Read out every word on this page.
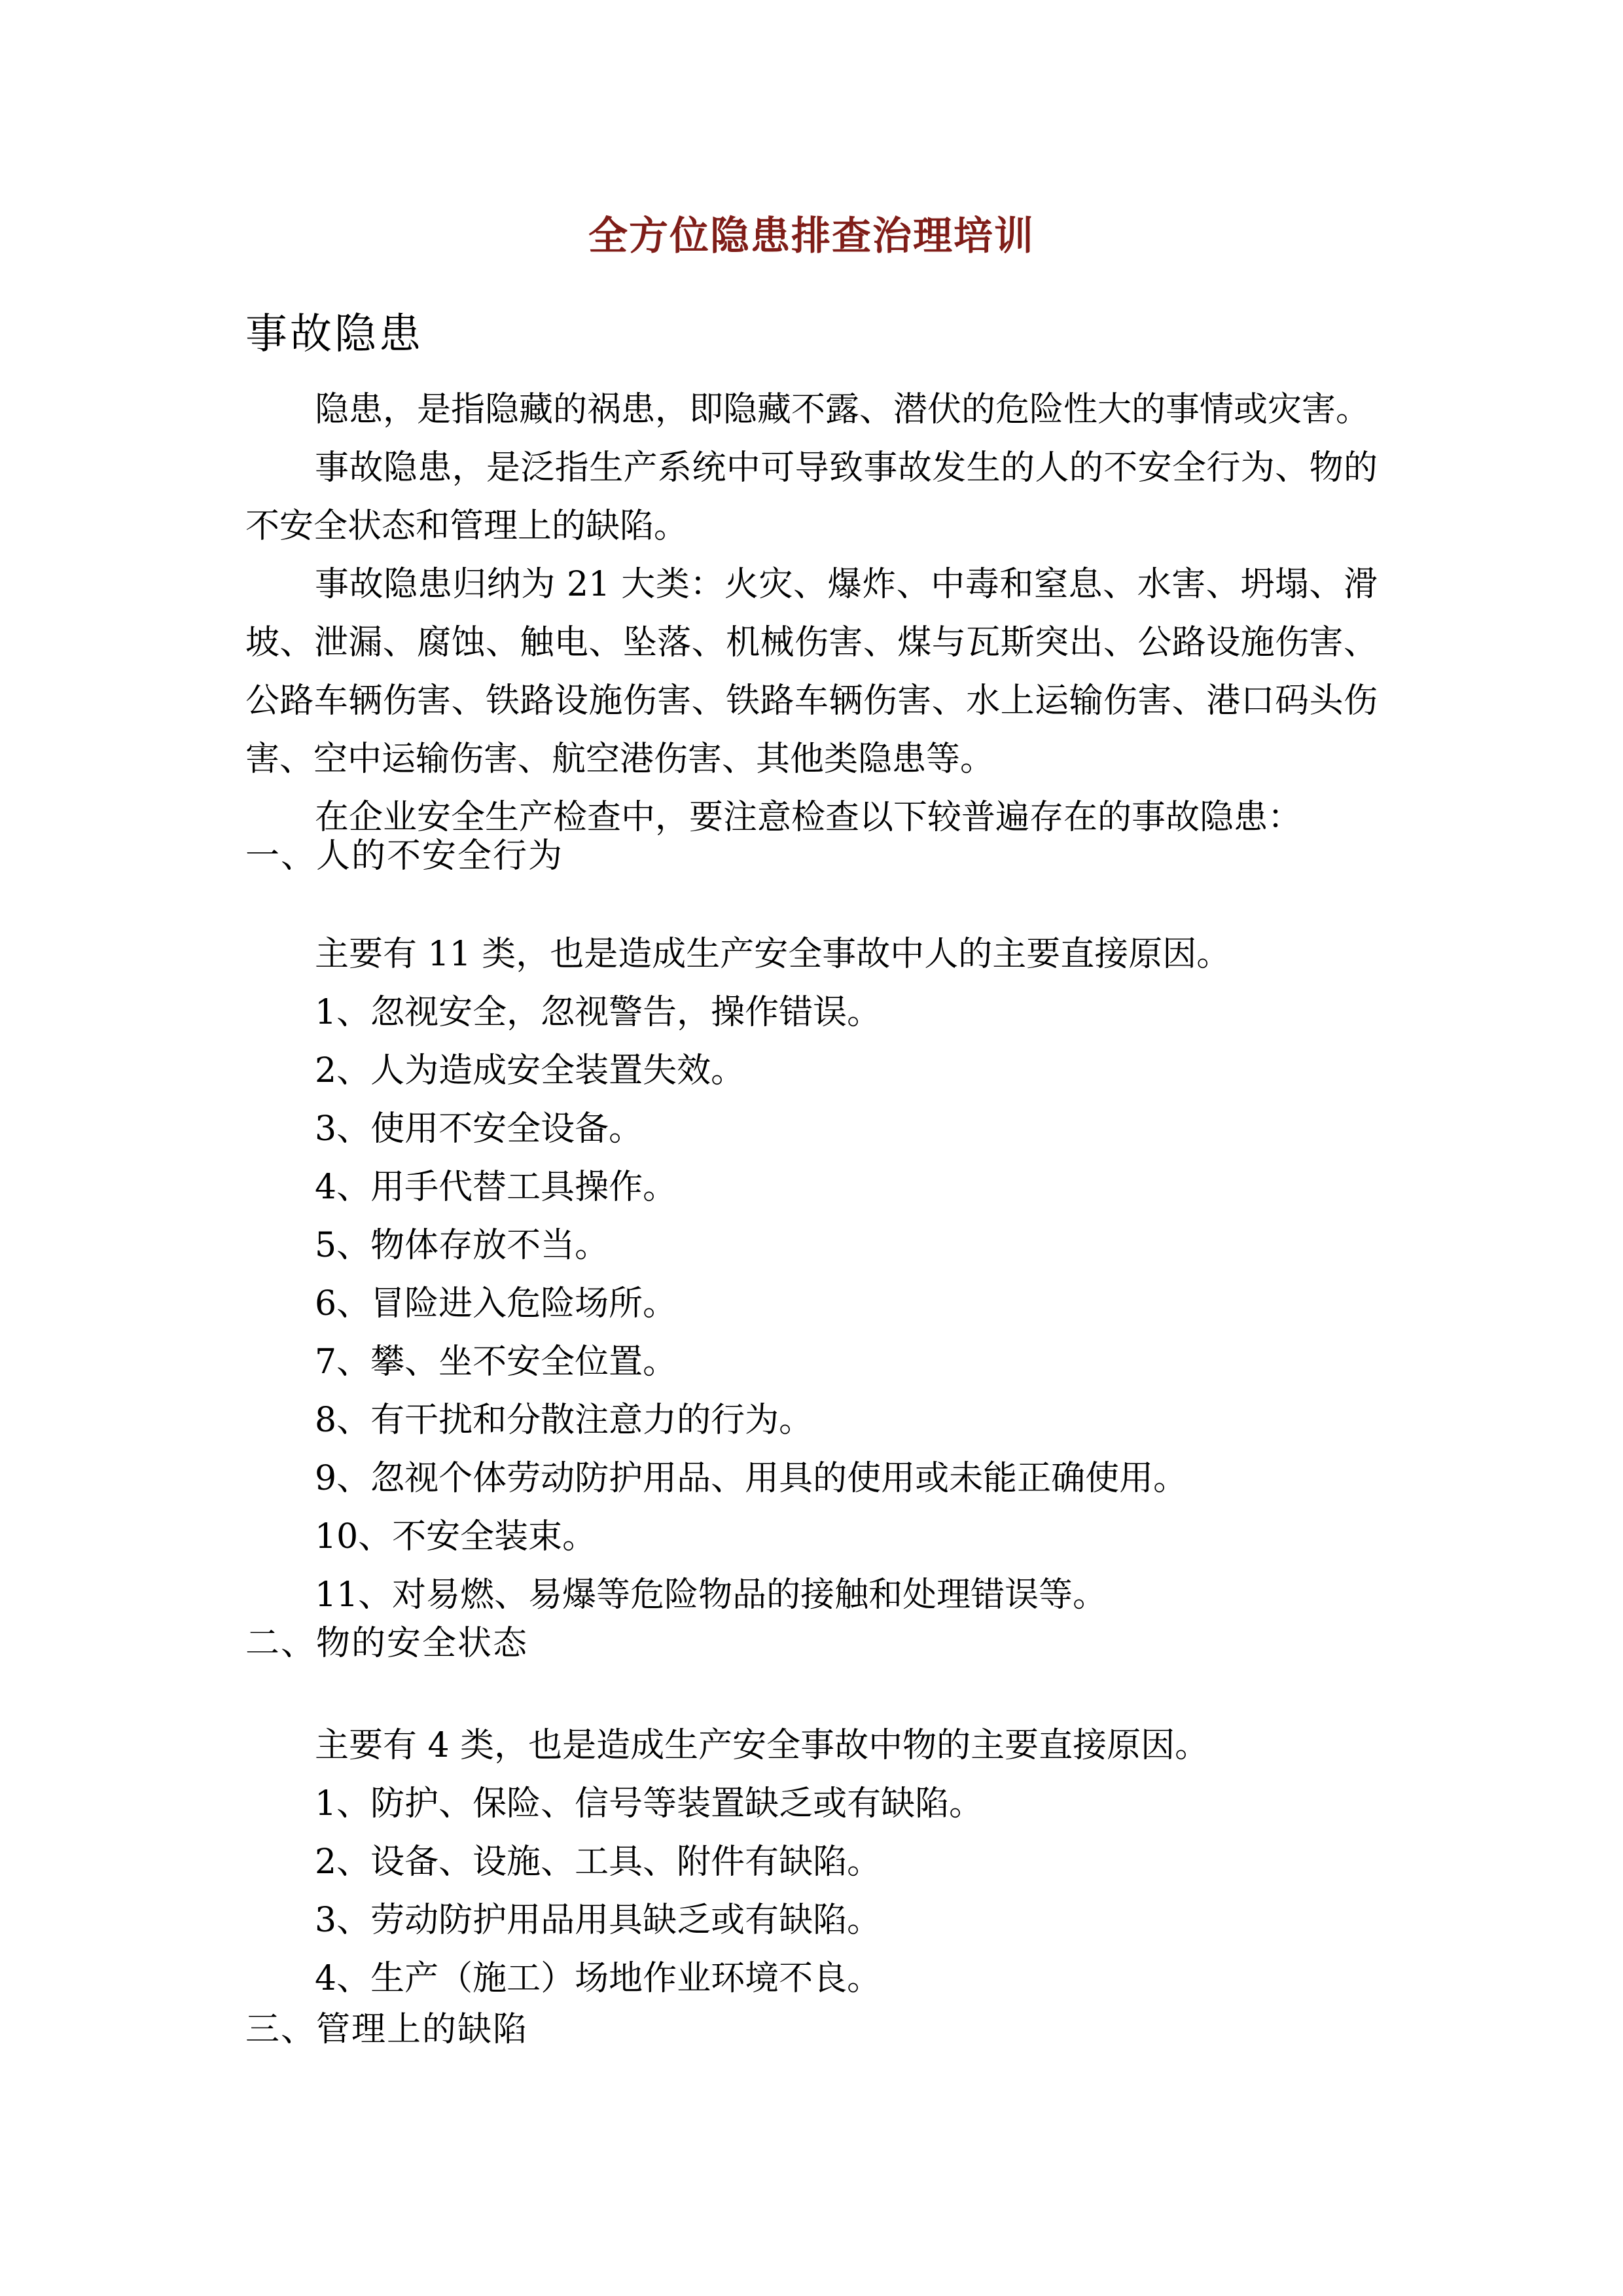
全方位隐患排查治理培训
事故隐患

隐患，是指隐藏的祸患，即隐藏不露、潜伏的危险性大的事情或灾害。

事故隐患，是泛指生产系统中可导致事故发生的人的不安全行为、物的不安全状态和管理上的缺陷。

事故隐患归纳为 21 大类：火灾、爆炸、中毒和窒息、水害、坍塌、滑坡、泄漏、腐蚀、触电、坠落、机械伤害、煤与瓦斯突出、公路设施伤害、公路车辆伤害、铁路设施伤害、铁路车辆伤害、水上运输伤害、港口码头伤害、空中运输伤害、航空港伤害、其他类隐患等。

在企业安全生产检查中，要注意检查以下较普遍存在的事故隐患：

一、人的不安全行为

主要有 11 类，也是造成生产安全事故中人的主要直接原因。

1、忽视安全，忽视警告，操作错误。

2、人为造成安全装置失效。

3、使用不安全设备。

4、用手代替工具操作。

5、物体存放不当。

6、冒险进入危险场所。

7、攀、坐不安全位置。

8、有干扰和分散注意力的行为。

9、忽视个体劳动防护用品、用具的使用或未能正确使用。

10、不安全装束。

11、对易燃、易爆等危险物品的接触和处理错误等。

二、物的安全状态

主要有 4 类，也是造成生产安全事故中物的主要直接原因。

1、防护、保险、信号等装置缺乏或有缺陷。

2、设备、设施、工具、附件有缺陷。

3、劳动防护用品用具缺乏或有缺陷。

4、生产（施工）场地作业环境不良。

三、管理上的缺陷
